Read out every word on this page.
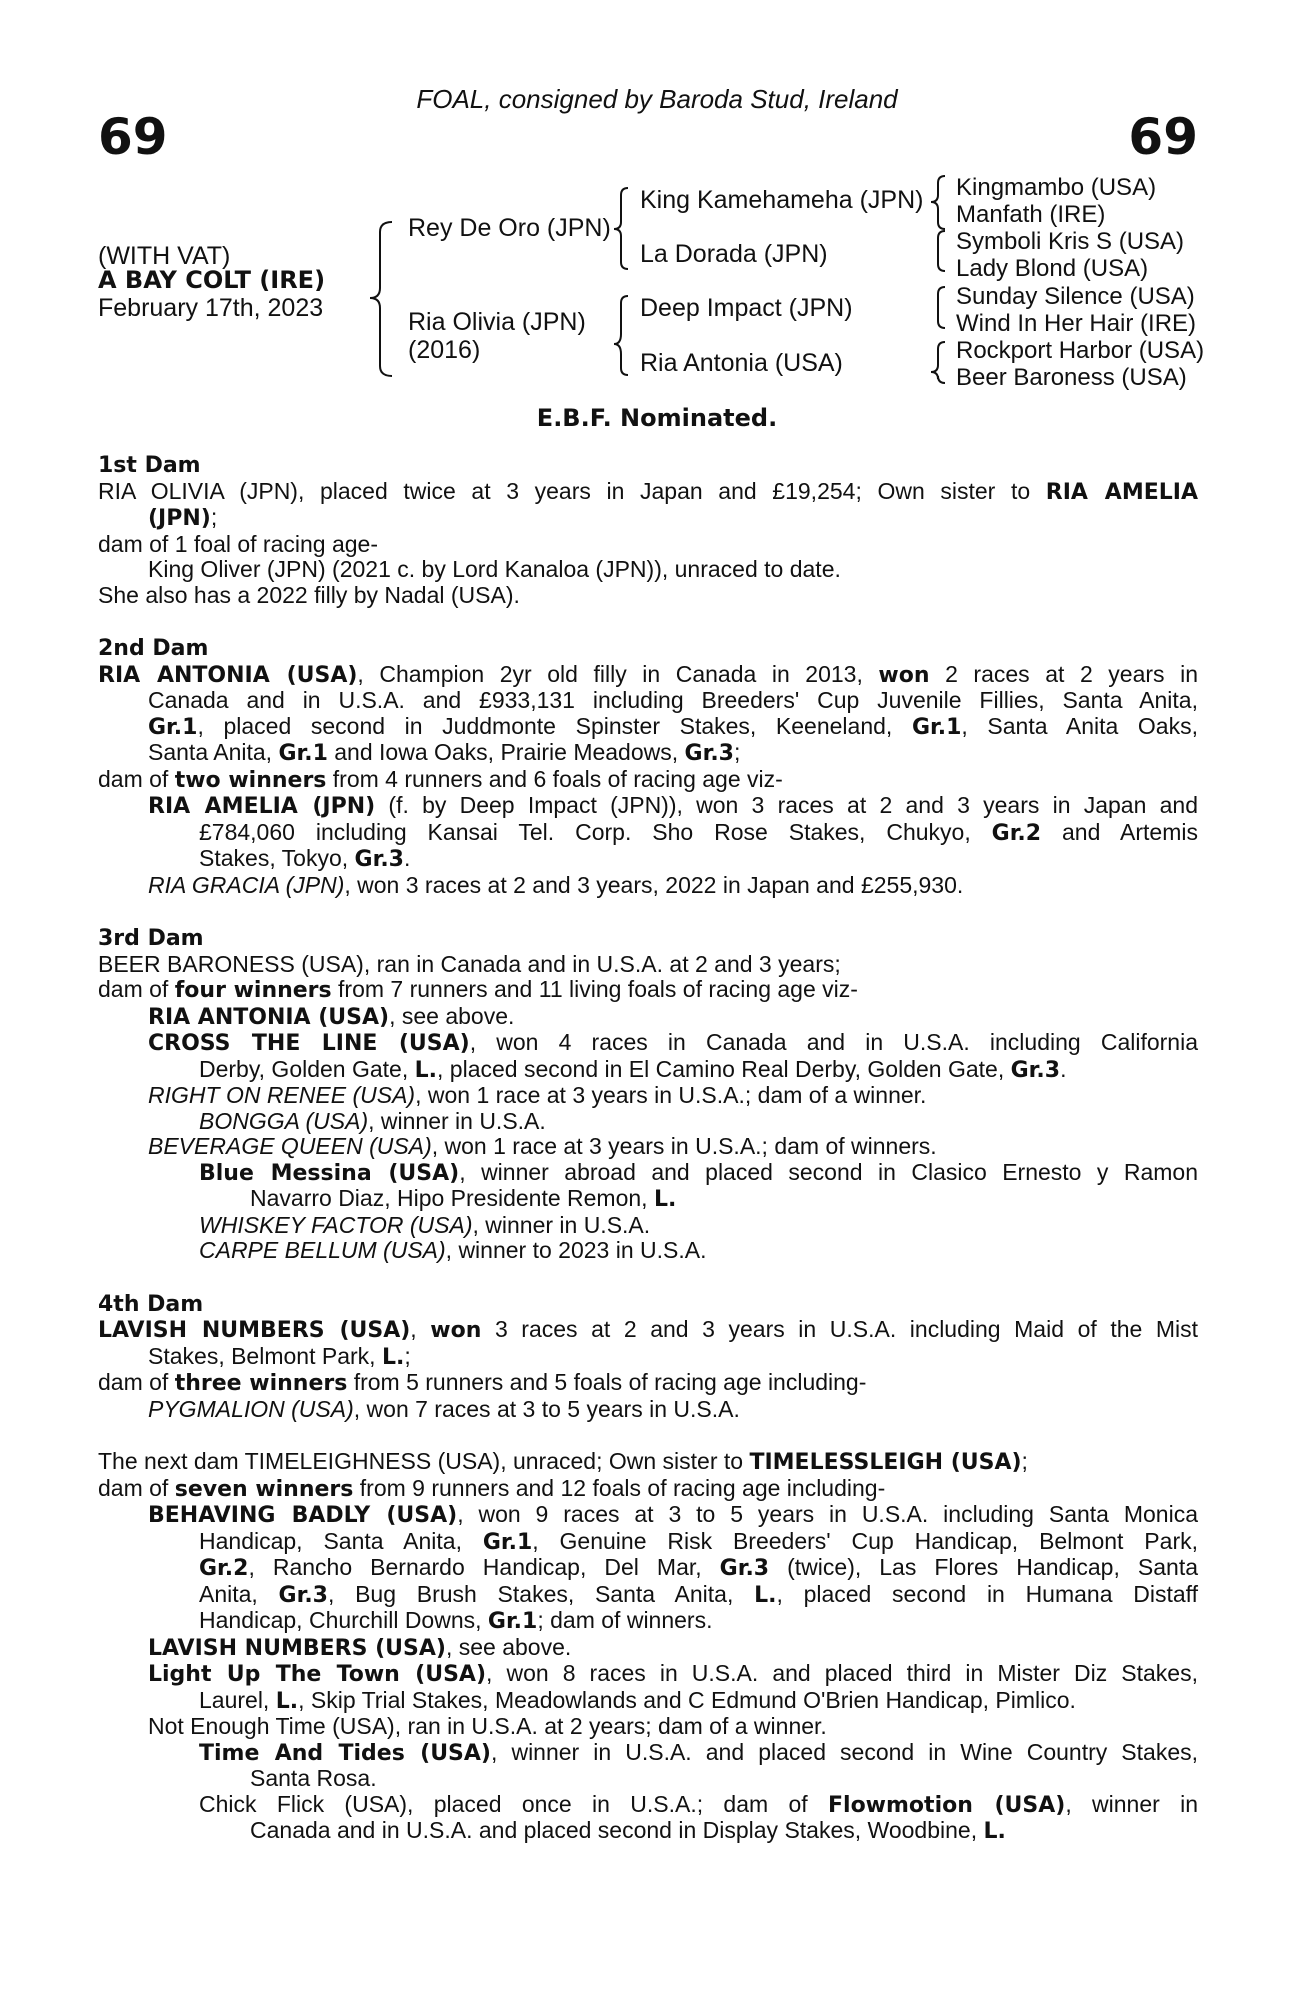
FOAL, consigned by Baroda Stud, Ireland
69	69
(WITH VAT)
A BAY COLT (IRE)
February 17th, 2023
Rey De Oro (JPN)
Ria Olivia (JPN)
(2016)
King Kamehameha (JPN)
La Dorada (JPN)
Deep Impact (JPN)
Ria Antonia (USA)
Kingmambo (USA)
Manfath (IRE)
Symboli Kris S (USA)
Lady Blond (USA)
Sunday Silence (USA)
Wind In Her Hair (IRE)
Rockport Harbor (USA)
Beer Baroness (USA)
E.B.F. Nominated.
1st Dam
RIA OLIVIA (JPN), placed twice at 3 years in Japan and £19,254; Own sister to RIA AMELIA
(JPN);
dam of 1 foal of racing age-
King Oliver (JPN) (2021 c. by Lord Kanaloa (JPN)), unraced to date.
She also has a 2022 filly by Nadal (USA).
2nd Dam
RIA ANTONIA (USA), Champion 2yr old filly in Canada in 2013, won 2 races at 2 years in
Canada and in U.S.A. and £933,131 including Breeders' Cup Juvenile Fillies, Santa Anita,
Gr.1, placed second in Juddmonte Spinster Stakes, Keeneland, Gr.1, Santa Anita Oaks,
Santa Anita, Gr.1 and Iowa Oaks, Prairie Meadows, Gr.3;
dam of two winners from 4 runners and 6 foals of racing age viz-
RIA AMELIA (JPN) (f. by Deep Impact (JPN)), won 3 races at 2 and 3 years in Japan and
£784,060 including Kansai Tel. Corp. Sho Rose Stakes, Chukyo, Gr.2 and Artemis
Stakes, Tokyo, Gr.3.
RIA GRACIA (JPN), won 3 races at 2 and 3 years, 2022 in Japan and £255,930.
3rd Dam
BEER BARONESS (USA), ran in Canada and in U.S.A. at 2 and 3 years;
dam of four winners from 7 runners and 11 living foals of racing age viz-
RIA ANTONIA (USA), see above.
CROSS THE LINE (USA), won 4 races in Canada and in U.S.A. including California
Derby, Golden Gate, L., placed second in El Camino Real Derby, Golden Gate, Gr.3.
RIGHT ON RENEE (USA), won 1 race at 3 years in U.S.A.; dam of a winner.
BONGGA (USA), winner in U.S.A.
BEVERAGE QUEEN (USA), won 1 race at 3 years in U.S.A.; dam of winners.
Blue Messina (USA), winner abroad and placed second in Clasico Ernesto y Ramon
Navarro Diaz, Hipo Presidente Remon, L.
WHISKEY FACTOR (USA), winner in U.S.A.
CARPE BELLUM (USA), winner to 2023 in U.S.A.
4th Dam
LAVISH NUMBERS (USA), won 3 races at 2 and 3 years in U.S.A. including Maid of the Mist
Stakes, Belmont Park, L.;
dam of three winners from 5 runners and 5 foals of racing age including-
PYGMALION (USA), won 7 races at 3 to 5 years in U.S.A.
The next dam TIMELEIGHNESS (USA), unraced; Own sister to TIMELESSLEIGH (USA);
dam of seven winners from 9 runners and 12 foals of racing age including-
BEHAVING BADLY (USA), won 9 races at 3 to 5 years in U.S.A. including Santa Monica
Handicap, Santa Anita, Gr.1, Genuine Risk Breeders' Cup Handicap, Belmont Park,
Gr.2, Rancho Bernardo Handicap, Del Mar, Gr.3 (twice), Las Flores Handicap, Santa
Anita, Gr.3, Bug Brush Stakes, Santa Anita, L., placed second in Humana Distaff
Handicap, Churchill Downs, Gr.1; dam of winners.
LAVISH NUMBERS (USA), see above.
Light Up The Town (USA), won 8 races in U.S.A. and placed third in Mister Diz Stakes,
Laurel, L., Skip Trial Stakes, Meadowlands and C Edmund O'Brien Handicap, Pimlico.
Not Enough Time (USA), ran in U.S.A. at 2 years; dam of a winner.
Time And Tides (USA), winner in U.S.A. and placed second in Wine Country Stakes,
Santa Rosa.
Chick Flick (USA), placed once in U.S.A.; dam of Flowmotion (USA), winner in
Canada and in U.S.A. and placed second in Display Stakes, Woodbine, L.
